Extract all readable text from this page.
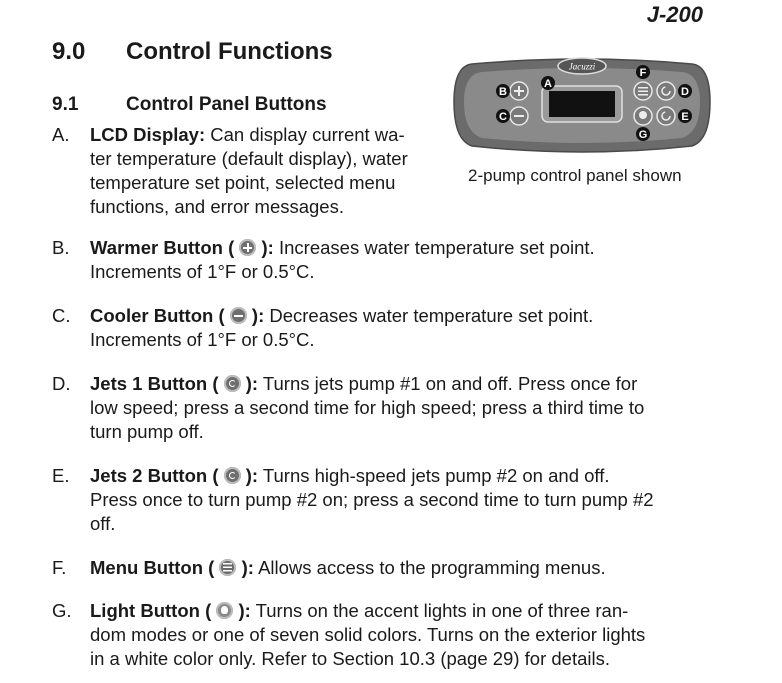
J-200
9.0 Control Functions
9.1	Control Panel Buttons
Jacuzzi
A
B
C
D
E
F
G
2-pump control panel shown
A.	LCD Display: Can display current wa-
ter temperature (default display), water
temperature set point, selected menu
functions, and error messages.
B.	Warmer Button ( ): Increases water temperature set point.
Increments of 1°F or 0.5°C.
C.	Cooler Button ( ): Decreases water temperature set point.
Increments of 1°F or 0.5°C.
D.	Jets 1 Button ( ): Turns jets pump #1 on and off. Press once for
low speed; press a second time for high speed; press a third time to
turn pump off.
E.	Jets 2 Button ( ): Turns high-speed jets pump #2 on and off.
Press once to turn pump #2 on; press a second time to turn pump #2
off.
F.	Menu Button ( ): Allows access to the programming menus.
G. Light Button ( ): Turns on the accent lights in one of three ran-
dom modes or one of seven solid colors. Turns on the exterior lights
in a white color only. Refer to Section 10.3 (page 29) for details.
